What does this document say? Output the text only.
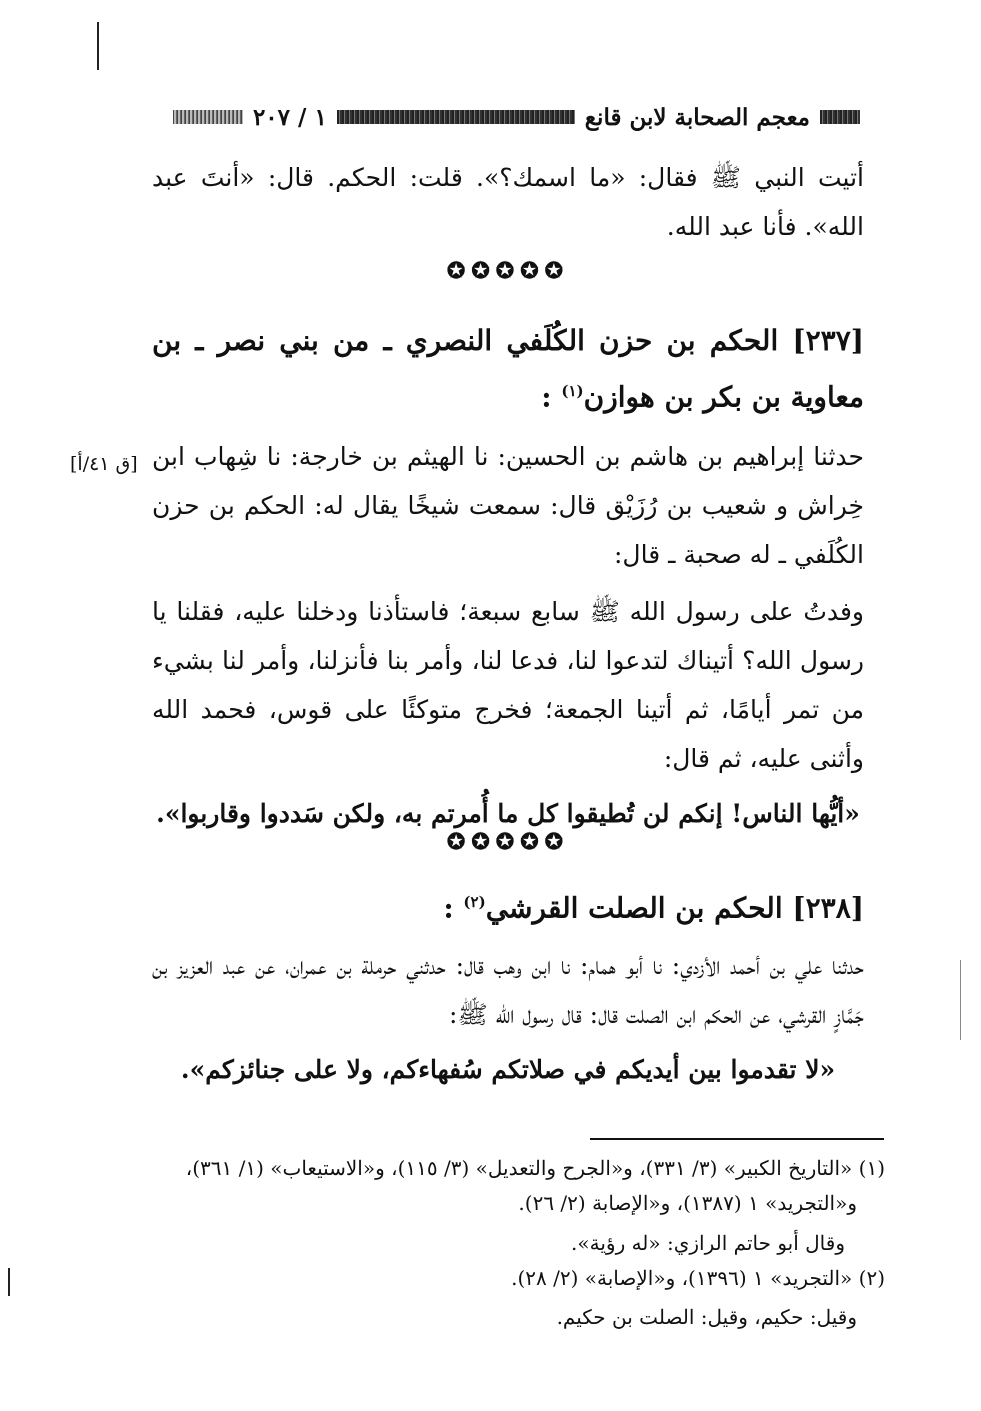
معجم الصحابة لابن قانع
١ / ٢٠٧

أتيت النبي ﷺ فقال: «ما اسمك؟». قلت: الحكم. قال: «أنتَ عبد الله». فأنا عبد الله.

✪✪✪✪✪

[٢٣٧] الحكم بن حزن الكُلَفي النصري ـ من بني نصر ـ بن معاوية بن بكر بن هوازن$^{(١)}$ :

حدثنا إبراهيم بن هاشم بن الحسين: نا الهيثم بن خارجة: نا شِهاب ابن خِراش و شعيب بن رُزَيْق قال: سمعت شيخًا يقال له: الحكم بن حزن الكُلَفي ـ له صحبة ـ قال:

وفدتُ على رسول الله ﷺ سابع سبعة؛ فاستأذنا ودخلنا عليه، فقلنا يا رسول الله؟ أتيناك لتدعوا لنا، فدعا لنا، وأمر بنا فأنزلنا، وأمر لنا بشيء من تمر أيامًا، ثم أتينا الجمعة؛ فخرج متوكئًا على قوس، فحمد الله وأثنى عليه، ثم قال:

«أيُّها الناس! إنكم لن تُطيقوا كل ما أُمرتم به، ولكن سَددوا وقاربوا».

[ق ٤١/أ]
✪✪✪✪✪

[٢٣٨] الحكم بن الصلت القرشي$^{(٢)}$ :

حدثنا علي بن أحمد الأزدي: نا أبو همام: نا ابن وهب قال: حدثني حرملة بن عمران، عن عبد العزيز بن جَمَّازٍ القرشي، عن الحكم ابن الصلت قال: قال رسول الله ﷺ:

«لا تقدموا بين أيديكم في صلاتكم سُفهاءكم، ولا على جنائزكم».

(١) «التاريخ الكبير» (٣/ ٣٣١)، و«الجرح والتعديل» (٣/ ١١٥)، و«الاستيعاب» (١/ ٣٦١)،
و«التجريد» ١ (١٣٨٧)، و«الإصابة (٢/ ٢٦).
وقال أبو حاتم الرازي: «له رؤية».
(٢) «التجريد» ١ (١٣٩٦)، و«الإصابة» (٢/ ٢٨).
وقيل: حكيم، وقيل: الصلت بن حكيم.
